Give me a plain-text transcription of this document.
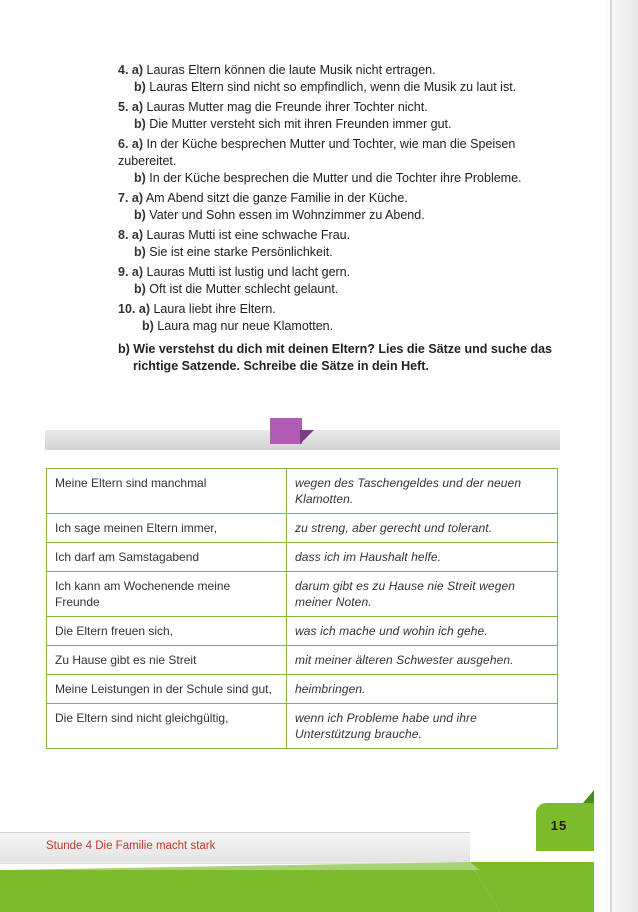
4. a) Lauras Eltern können die laute Musik nicht ertragen.
b) Lauras Eltern sind nicht so empfindlich, wenn die Musik zu laut ist.
5. a) Lauras Mutter mag die Freunde ihrer Tochter nicht.
b) Die Mutter versteht sich mit ihren Freunden immer gut.
6. a) In der Küche besprechen Mutter und Tochter, wie man die Speisen zubereitet.
b) In der Küche besprechen die Mutter und die Tochter ihre Probleme.
7. a) Am Abend sitzt die ganze Familie in der Küche.
b) Vater und Sohn essen im Wohnzimmer zu Abend.
8. a) Lauras Mutti ist eine schwache Frau.
b) Sie ist eine starke Persönlichkeit.
9. a) Lauras Mutti ist lustig und lacht gern.
b) Oft ist die Mutter schlecht gelaunt.
10. a) Laura liebt ihre Eltern.
b) Laura mag nur neue Klamotten.
b) Wie verstehst du dich mit deinen Eltern? Lies die Sätze und suche das
richtige Satzende. Schreibe die Sätze in dein Heft.
Meine Eltern sind manchmal	wegen des Taschengeldes und der neuen Klamotten.
Ich sage meinen Eltern immer,	zu streng, aber gerecht und tolerant.
Ich darf am Samstagabend	dass ich im Haushalt helfe.
Ich kann am Wochenende meine Freunde	darum gibt es zu Hause nie Streit wegen meiner Noten.
Die Eltern freuen sich,	was ich mache und wohin ich gehe.
Zu Hause gibt es nie Streit	mit meiner älteren Schwester ausgehen.
Meine Leistungen in der Schule sind gut,	heimbringen.
Die Eltern sind nicht gleichgültig,	wenn ich Probleme habe und ihre Unterstützung brauche.
15
Stunde 4 Die Familie macht stark
